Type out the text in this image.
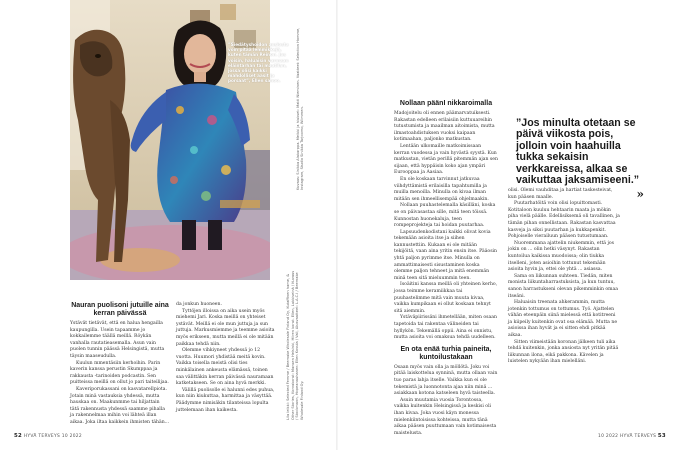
”Siedätyshoidon ansiosta voin pitää lemmikkejä, kuten tämän Reinon. Jos voisin, haluaisin varmaan eläintarhan tai maatilan, jossa olisi kaikki mahdolliset aasit ja porsaat”, Ellen sanoo.
Lila leikki: Selected Femme / Beemake Wholesale Finland Oy, Kutaffinen hame, & Other Stories, Korvakorut: Mansen Helsinki, Hiiren korut. Ellen, Lukkiseinä / Kuvaus / Stockmann, Hopeanauhanen: Ellen Kovula / Vali, Alusvaatteet: L.A.C.I / Beemake Wholesale Finland Oy.
Nauran puolisoni jutuille aina kerran päivässä

Ystävät tietävät, että en halua hengailla kaupungilla. Usein tapaamme jo kokkailemme täällä meillä. Röykän vanhalla rautatieasemalla. Asun vain puolen tunnin päässä Helsingistä, mutta täysin maaseudulla.

Kuulun mmentäsiin kerhoihin. Parin kaverin kanssa perustin Skumppaa ja rakkausta -tarinoiden podcastin. Sen puitteissa meillä on ollut jo pari taiteilijaa.

Kaveriporukassani on kasvatarellpiota. Jotain minä vastauksia yhdessä, mutta hauskaa on. Maakunmme tai hiljattain tätä rakennusta yhdessä saamme pihalla ja rakennelmaa mihin voi lähteä illan aikaa. Joka iltaa kaikkein ihmisten tähän...

da jonkun huoneen.

Tyttöjen illoissa on aika usein myös miehemi Jari. Koska meillä on yhteiset ystävät. Meillä ei ole mun juttuja ja sun juttuja. Markusmiemme ja teemme asioita myös erikseen, mutta meillä ei ole mitään paikkaa tehdä niin.

Olemme vihkiyneet yhdessä jo 12 vuotta. Huumori yhdistää meitä kovin. Vaikka toisella meistä olisi ties minkälainen ankeusta elämässä, toinen saa välittäkin kerran päivässä nauramaan katketakseen. Se on aina hyvä merkki.

Välillä puolisolle ei halunni edes puhua, kun niin kiukuttaa, harmittaa ja väsyttää. Päädymme nimisäkin tilanteissa lopulta juttelemaan ihan kaikesta.

Kuvaus: Sinikka Alakarppa. Meikki ja hiukset: Matti Nieminen. Vaatteet: Selection Homme, Instagram, Studio Sinikka Tarjoomo, Wiimmen.
Nollaan päänI nikkaroimalla

Madojoitelu oli ennen päämarvatuiksesti. Rakastan edelleen erilaisiin kuttuuareihin tutustumista ja maailman aitoimista, mutta ilmastoahdistuksen vuoksi kaipaan kotimaahan, paljonko matkustan.

Lentään ulkomaille matkoimissaan kerran vuodessa ja vain hyvästä syystä. Kun matkustan, vietän perillä pitemmän ajan sen sijaan, että hyppäisin koko ajan ympäri Eurooppaa ja Aasiaa.

En ole koskaan tarvinnut jatkuvaa viihdyttämistä erilaisilla tapahtumilla ja muilla menoilla. Minulla on kivaa ilman mitään sen ihmeellisempää ohjelmaakin.

Nollaan puuhastelemalla käsilläni, koska se on päivasastaa sille, mitä teen töissä. Kunnostan huonekaluja, teen rompeprojekteja tai hoidan puutarhaa.

Lapsuudenkodistani kaikki olivat kovia tekemään asioita itse ja siihen kannustettiin. Kukaan ei ole mitään tekijöitä, vaan aina yritin ensin itse. Pääosin yhtä paljon pyrimme itse. Minulla on ammattimaisesti sisustaminen koska olemme paljon tehneet ja mitä enemmän minä teen sitä mieluummin teen.

Isoäitini kanssa meillä oli yhteinen kerho, jossa teimme keramiikkaa tai puuhastelimme mitä vain muuta kivaa, vaikka kumpikaan ei ollut koskaan tehnyt sitä aiemmin.

Ystäväpiirissäni ihmetellään, miten osaan tapetoida tai rakentaa välineiden tai hyllykön. Tekemällä oppii. Aina ei onnistu, mutta asioita voi omaksua tehdä uudelleen.

En ota enää turhia paineita, kuntoilustakaan

Osaan myös vain olla ja möllötä. Joku voi pitää laiskottelua synninä, mutta ollaan vain tuo paras lahja itselle. Vaikka kun ei ole tekemistä ja luonnotonta ajaa niin minä ... asiakkaan kotona katseleen hyvä taisteella.

Asuin muutamia vuosia Torontossa, vaikka kuitenkin Helsingissä ja keskisi oli ihan kivaa. Joka vuosi käyn monessa mielenkiintoisissa kohteissa, mutta tänä aikaa pääsen puuttumaan vain kotimaisesta maistelusta.

”Jos minulta otetaan se päivä viikosta pois, jolloin voin haahuilla tukka sekaisin verkkareissa, alkaa se vaikuttaa jaksamiseeni.”
»

olisi. Olemi vauhditaa ja hartiat taskesteivat, kun pääsen maalle.

Puutarhatöitä voin olisi lopuittomasti. Kotitaloon kuuluu hehtaarin maata ja mökin piha vielä päälle. Edellisiksemä oli tavallinen, ja tämän pihan onnellistaan. Rakastan kasvattaa kasveja ja siksi puutarhan ja kukkapenkit. Pohjoiselle vierailuun pääsen tutustumaan.

Nuoremmana ajattelin niukemmin, että jos jokin on ... olin hetki väsynyt. Rakastan kuntoilua kaikissa muodoissa; olin tiukka itselleni, joten asioihin tottunut tekemään asioita hyvin ja, ettei ole yhtä ... asiassa.

Sama on liikunnan suhteen. Tiedän, miten monista liikuntaharrastuksista, ja kun tuntuu, sanon harrastukseni olevan pikemminkin omaa itseäni.

Haluaisin treenata ahkerammin, mutta jotenkin tottumus on tottumus. Työ. Ajattelen vähän eteenpäin siinä mielessä että kotitreeni ja kiipeily kuitenkin ovat osa elämää. Mutta ne asioissa ihan hyvät ja ei sitten ehdi pitkää aikaa.

Sitten viimeistään koronan jälkeen tuli aika tehdä kuitenkin, jonka ansiosta nyt yritän pitää liikunnan ilona, eikä pakkona. Kävelen ja luistelen nykyään ihan mielelläni.

52 HYVÄ TERVEYS 10 2022	10 2022 HYVÄ TERVEYS 53
